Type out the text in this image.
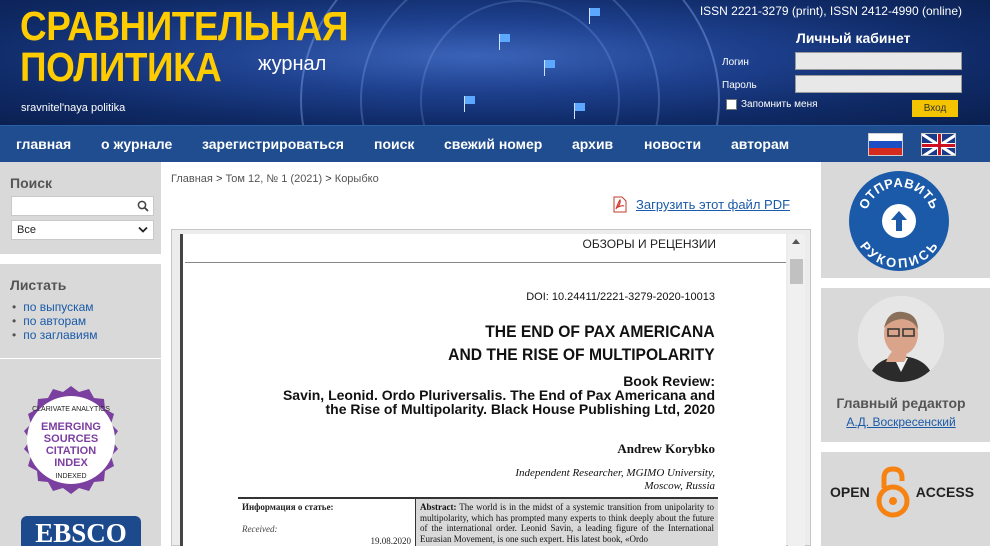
СРАВНИТЕЛЬНАЯ
ПОЛИТИКА	журнал
sravnitel'naya politika
ISSN 2221-3279 (print), ISSN 2412-4990 (online)
Личный кабинет
Логин
Пароль
Запомнить меня	Вход
главная о журнале зарегистрироваться поиск свежий номер архив новости авторам
Поиск
Все
Листать
• по выпускам
• по авторам
• по заглавиям
CLARIVATE ANALYTICS
EMERGING
SOURCES
CITATION
INDEX
INDEXED
EBSCO
Главная > Том 12, № 1 (2021) > Корыбко
Загрузить этот файл PDF
ОБЗОРЫ И РЕЦЕНЗИИ
DOI: 10.24411/2221-3279-2020-10013
THE END OF PAX AMERICANA
AND THE RISE OF MULTIPOLARITY
Book Review:
Savin, Leonid. Ordo Pluriversalis. The End of Pax Americana and
the Rise of Multipolarity. Black House Publishing Ltd, 2020
Andrew Korybko
Independent Researcher, MGIMO University,
Moscow, Russia
Информация о статье:
Received:
19.08.2020
Abstract: The world is in the midst of a systemic transition from unipolarity to multipolarity, which has prompted many experts to think deeply about the future of the international order. Leonid Savin, a leading figure of the International Eurasian Movement, is one such expert. His latest book, «Ordo
ОТПРАВИТЬ
РУКОПИСЬ
Главный редактор
А.Д. Воскресенский
OPEN	ACCESS
